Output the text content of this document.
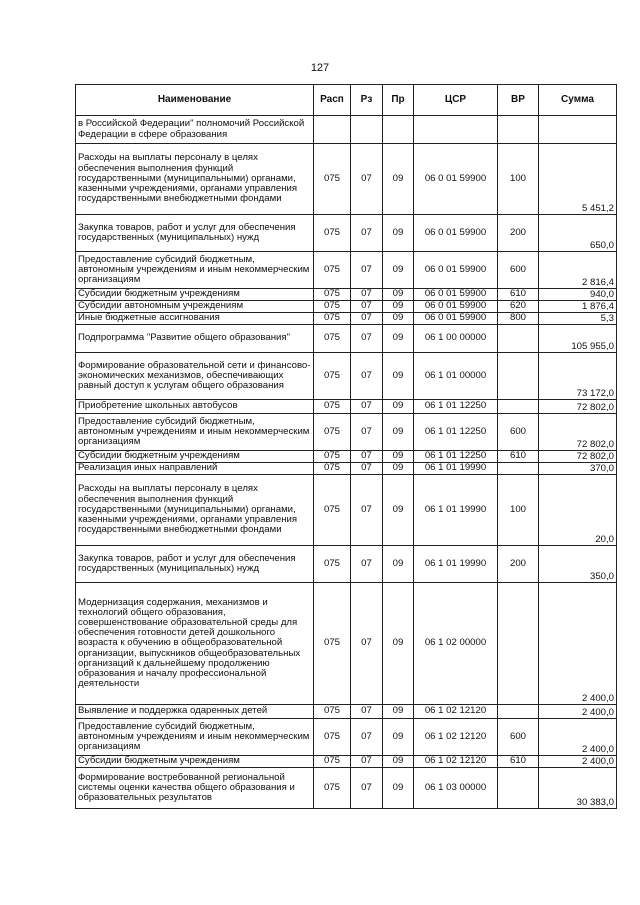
127
Наименование	Расп	Рз	Пр	ЦСР	ВР	Сумма
в Российской Федерации" полномочий Российской Федерации в сфере образования						
Расходы на выплаты персоналу в целях обеспечения выполнения функций государственными (муниципальными) органами, казенными учреждениями, органами управления государственными внебюджетными фондами	075	07	09	06 0 01 59900	100	5 451,2
Закупка товаров, работ и услуг для обеспечения государственных (муниципальных) нужд	075	07	09	06 0 01 59900	200	650,0
Предоставление субсидий бюджетным, автономным учреждениям и иным некоммерческим организациям	075	07	09	06 0 01 59900	600	2 816,4
Субсидии бюджетным учреждениям	075	07	09	06 0 01 59900	610	940,0
Субсидии автономным учреждениям	075	07	09	06 0 01 59900	620	1 876,4
Иные бюджетные ассигнования	075	07	09	06 0 01 59900	800	5,3
Подпрограмма "Развитие общего образования"	075	07	09	06 1 00 00000		105 955,0
Формирование образовательной сети и финансово-экономических механизмов, обеспечивающих равный доступ к услугам общего образования	075	07	09	06 1 01 00000		73 172,0
Приобретение школьных автобусов	075	07	09	06 1 01 12250		72 802,0
Предоставление субсидий бюджетным, автономным учреждениям и иным некоммерческим организациям	075	07	09	06 1 01 12250	600	72 802,0
Субсидии бюджетным учреждениям	075	07	09	06 1 01 12250	610	72 802,0
Реализация иных направлений	075	07	09	06 1 01 19990		370,0
Расходы на выплаты персоналу в целях обеспечения выполнения функций государственными (муниципальными) органами, казенными учреждениями, органами управления государственными внебюджетными фондами	075	07	09	06 1 01 19990	100	20,0
Закупка товаров, работ и услуг для обеспечения государственных (муниципальных) нужд	075	07	09	06 1 01 19990	200	350,0
Модернизация содержания, механизмов и технологий общего образования, совершенствование образовательной среды для обеспечения готовности детей дошкольного возраста к обучению в общеобразовательной организации, выпускников общеобразовательных организаций к дальнейшему продолжению образования и началу профессиональной деятельности	075	07	09	06 1 02 00000		2 400,0
Выявление и поддержка одаренных детей	075	07	09	06 1 02 12120		2 400,0
Предоставление субсидий бюджетным, автономным учреждениям и иным некоммерческим организациям	075	07	09	06 1 02 12120	600	2 400,0
Субсидии бюджетным учреждениям	075	07	09	06 1 02 12120	610	2 400,0
Формирование востребованной региональной системы оценки качества общего образования и образовательных результатов	075	07	09	06 1 03 00000		30 383,0
